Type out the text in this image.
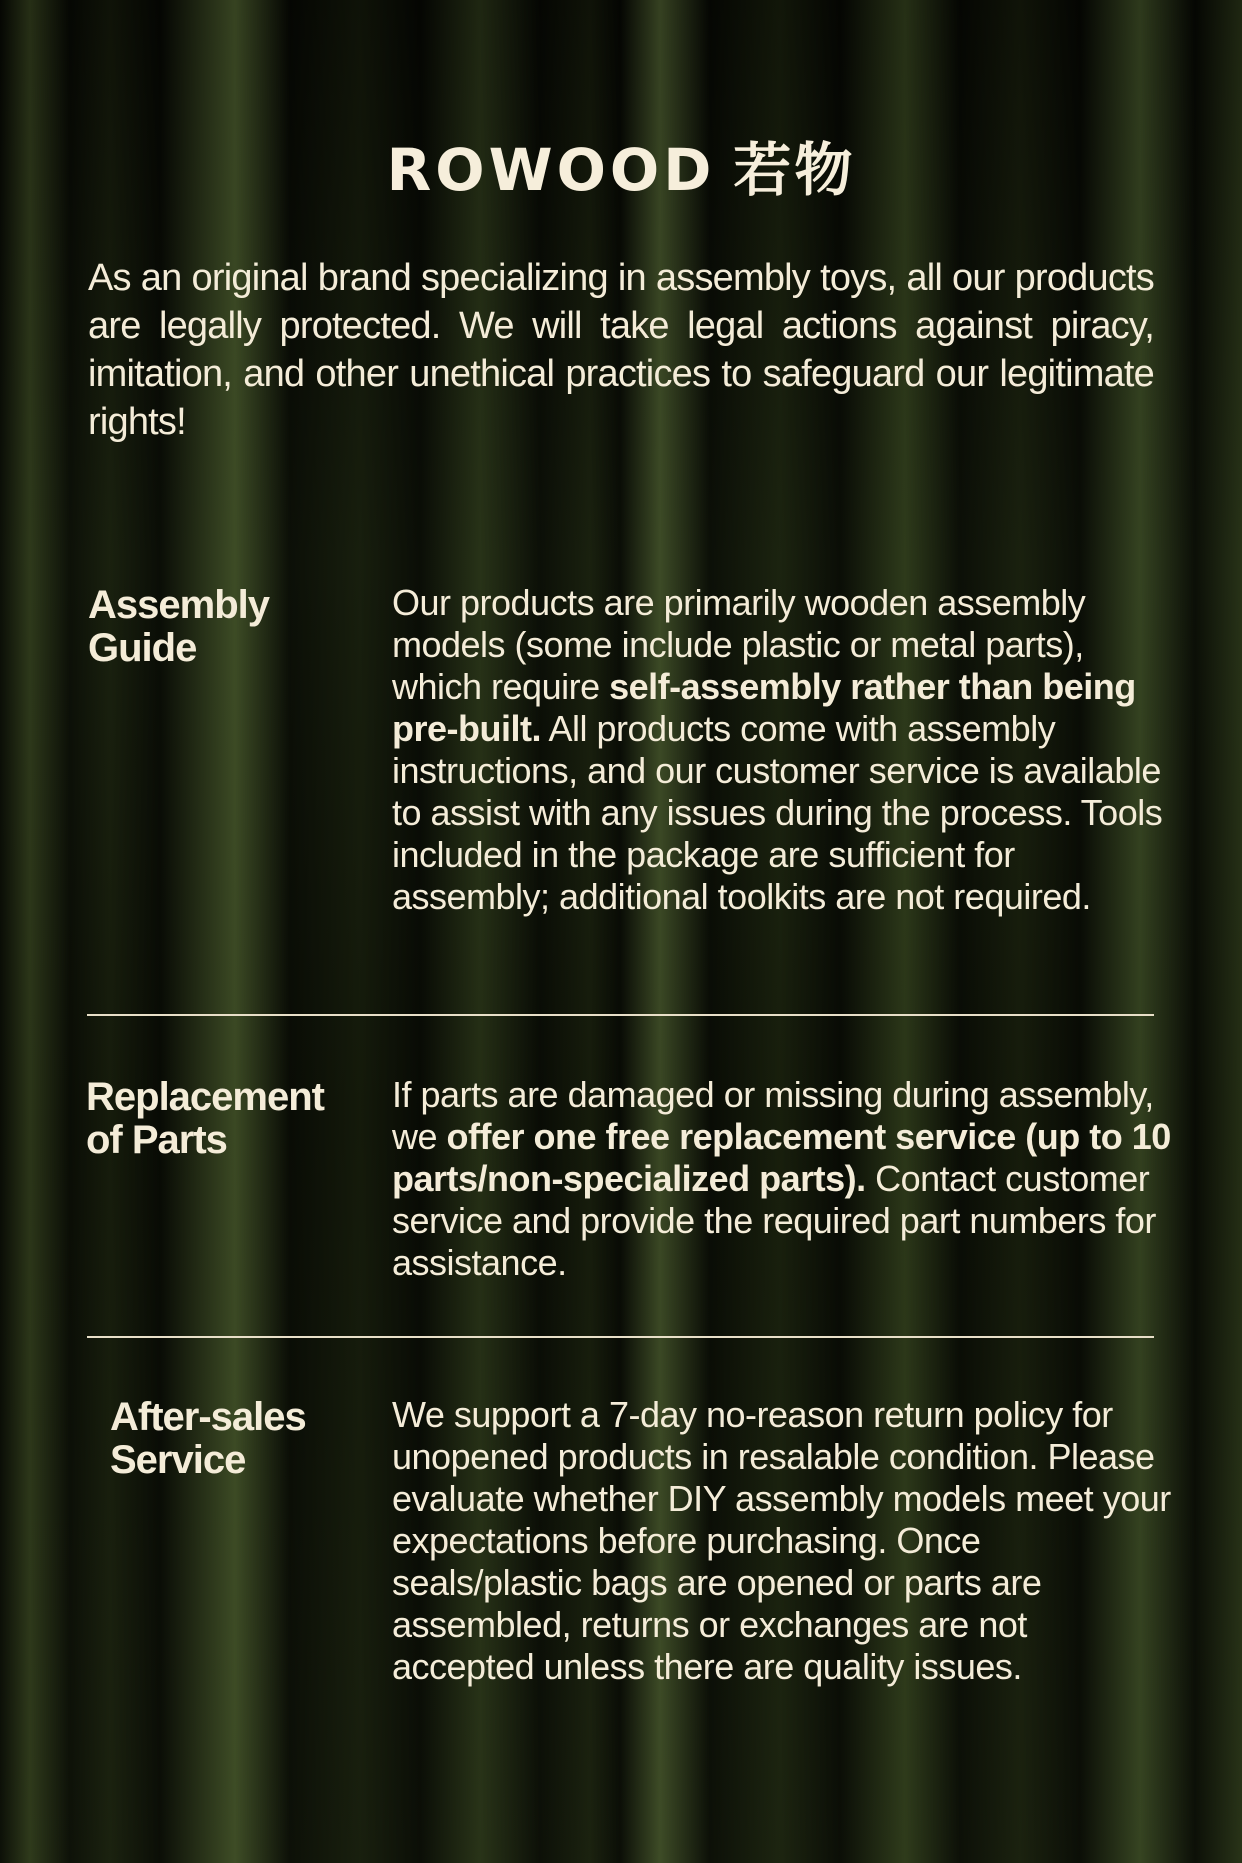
ROWOOD 若物

As an original brand specializing in assembly toys, all our products are legally protected. We will take legal actions against piracy, imitation, and other unethical practices to safeguard our legitimate rights!

Assembly
Guide

Our products are primarily wooden assembly models (some include plastic or metal parts), which require self-assembly rather than being pre-built. All products come with assembly instructions, and our customer service is available to assist with any issues during the process. Tools included in the package are sufficient for assembly; additional toolkits are not required.

Replacement
of Parts

If parts are damaged or missing during assembly, we offer one free replacement service (up to 10 parts/non-specialized parts). Contact customer service and provide the required part numbers for assistance.

After-sales
Service

We support a 7-day no-reason return policy for unopened products in resalable condition. Please evaluate whether DIY assembly models meet your expectations before purchasing. Once seals/plastic bags are opened or parts are assembled, returns or exchanges are not accepted unless there are quality issues.
